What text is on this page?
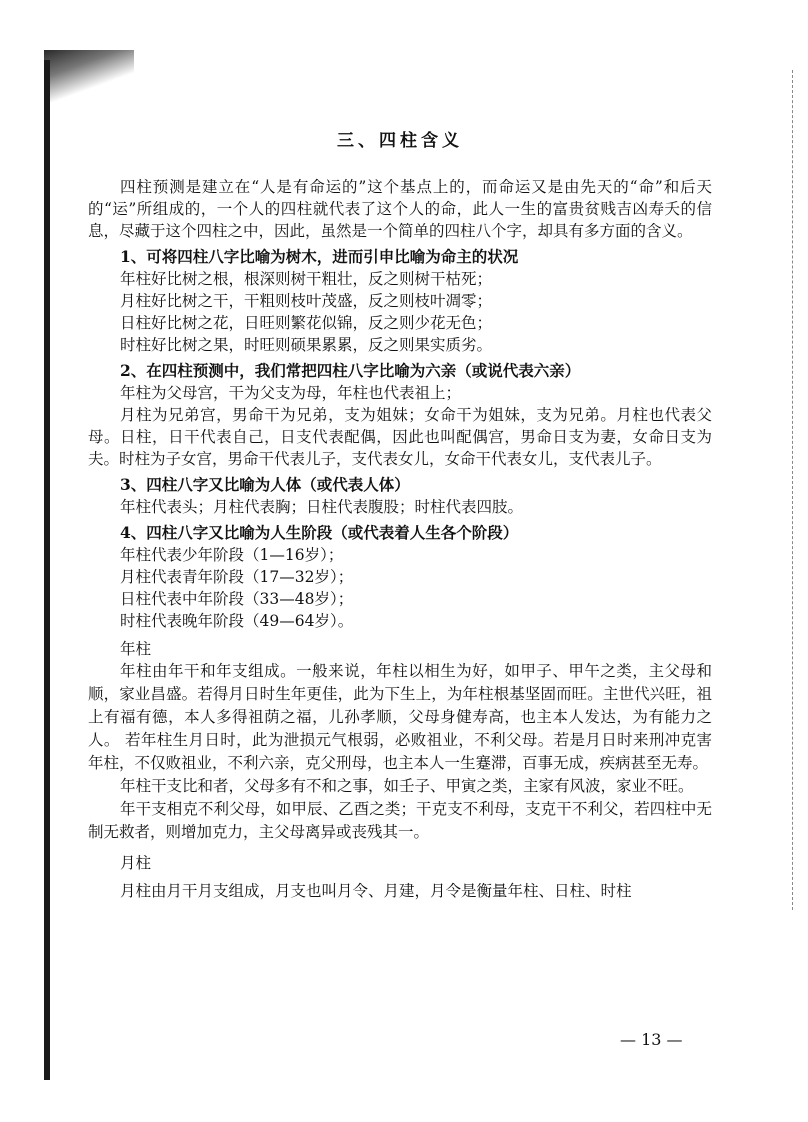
三、四柱含义

四柱预测是建立在“人是有命运的”这个基点上的，而命运又是由先天的“命”和后天的“运”所组成的，一个人的四柱就代表了这个人的命，此人一生的富贵贫贱吉凶寿夭的信息，尽藏于这个四柱之中，因此，虽然是一个简单的四柱八个字，却具有多方面的含义。

1、可将四柱八字比喻为树木，进而引申比喻为命主的状况

年柱好比树之根，根深则树干粗壮，反之则树干枯死；

月柱好比树之干，干粗则枝叶茂盛，反之则枝叶凋零；

日柱好比树之花，日旺则繁花似锦，反之则少花无色；

时柱好比树之果，时旺则硕果累累，反之则果实质劣。

2、在四柱预测中，我们常把四柱八字比喻为六亲（或说代表六亲）

年柱为父母宫，干为父支为母，年柱也代表祖上；

月柱为兄弟宫，男命干为兄弟，支为姐妹；女命干为姐妹，支为兄弟。月柱也代表父母。日柱，日干代表自己，日支代表配偶，因此也叫配偶宫，男命日支为妻，女命日支为夫。时柱为子女宫，男命干代表儿子，支代表女儿，女命干代表女儿，支代表儿子。

3、四柱八字又比喻为人体（或代表人体）

年柱代表头；月柱代表胸；日柱代表腹股；时柱代表四肢。

4、四柱八字又比喻为人生阶段（或代表着人生各个阶段）

年柱代表少年阶段（1—16岁）；

月柱代表青年阶段（17—32岁）；

日柱代表中年阶段（33—48岁）；

时柱代表晚年阶段（49—64岁）。

年柱

年柱由年干和年支组成。一般来说，年柱以相生为好，如甲子、甲午之类，主父母和顺，家业昌盛。若得月日时生年更佳，此为下生上，为年柱根基坚固而旺。主世代兴旺，祖上有福有德，本人多得祖荫之福，儿孙孝顺，父母身健寿高，也主本人发达，为有能力之人。 若年柱生月日时，此为泄损元气根弱，必败祖业，不利父母。若是月日时来刑冲克害年柱，不仅败祖业，不利六亲，克父刑母，也主本人一生蹇滞，百事无成，疾病甚至无寿。

年柱干支比和者，父母多有不和之事，如壬子、甲寅之类，主家有风波，家业不旺。

年干支相克不利父母，如甲辰、乙酉之类；干克支不利母，支克干不利父，若四柱中无制无救者，则增加克力，主父母离异或丧残其一。

月柱

月柱由月干月支组成，月支也叫月令、月建，月令是衡量年柱、日柱、时柱

— 13 —
